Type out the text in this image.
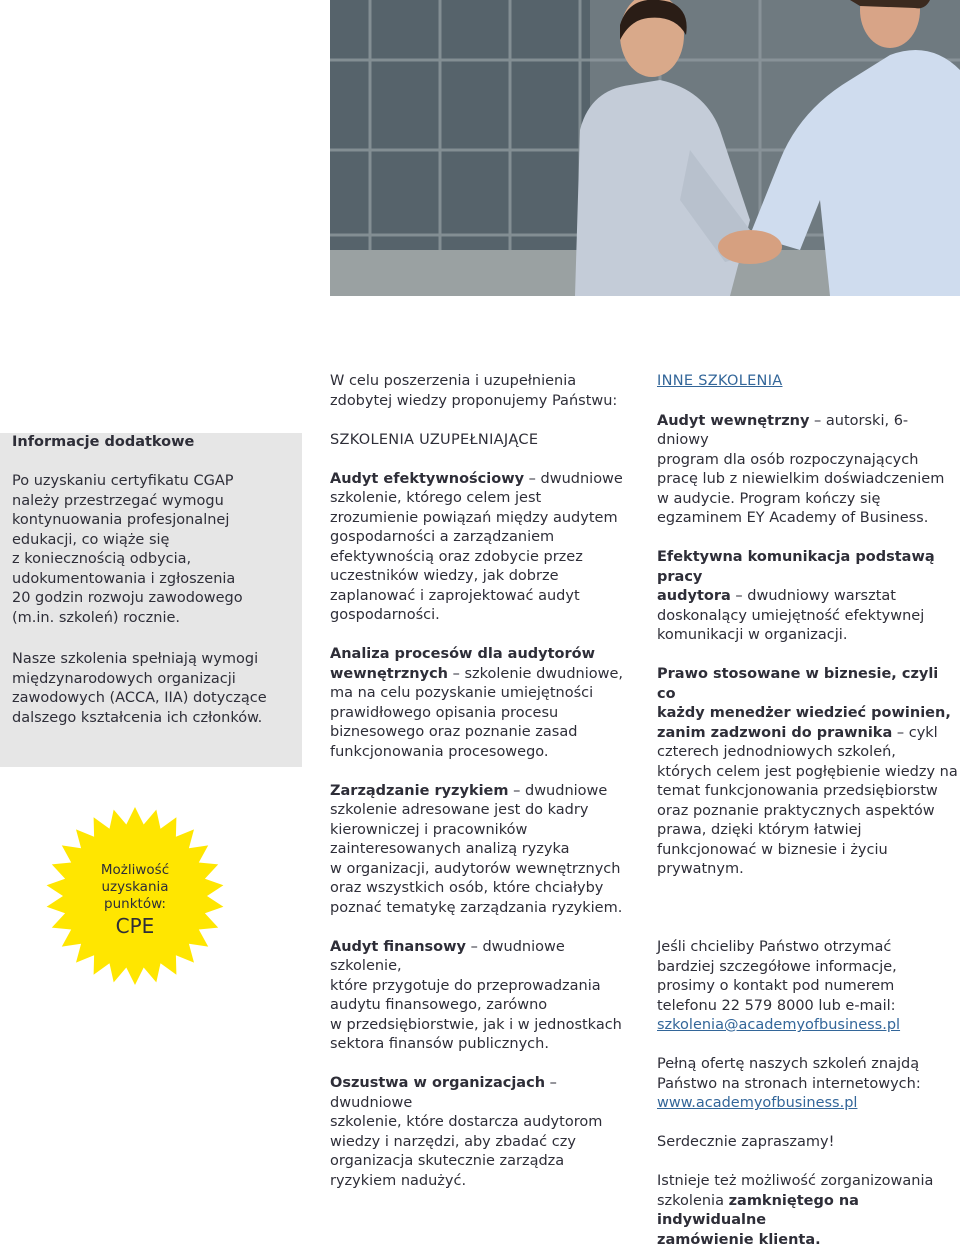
Informacje dodatkowe

Po uzyskaniu certyfikatu CGAP
należy przestrzegać wymogu
kontynuowania profesjonalnej
edukacji, co wiąże się
z koniecznością odbycia,
udokumentowania i zgłoszenia
20 godzin rozwoju zawodowego
(m.in. szkoleń) rocznie.

Nasze szkolenia spełniają wymogi
międzynarodowych organizacji
zawodowych (ACCA, IIA) dotyczące
dalszego kształcenia ich członków.

Możliwość
uzyskania
punktów:
CPE

W celu poszerzenia i uzupełnienia
zdobytej wiedzy proponujemy Państwu:

SZKOLENIA UZUPEŁNIAJĄCE

Audyt efektywnościowy – dwudniowe
szkolenie, którego celem jest
zrozumienie powiązań między audytem
gospodarności a zarządzaniem
efektywnością oraz zdobycie przez
uczestników wiedzy, jak dobrze
zaplanować i zaprojektować audyt
gospodarności.

Analiza procesów dla audytorów
wewnętrznych – szkolenie dwudniowe,
ma na celu pozyskanie umiejętności
prawidłowego opisania procesu
biznesowego oraz poznanie zasad
funkcjonowania procesowego.

Zarządzanie ryzykiem – dwudniowe
szkolenie adresowane jest do kadry
kierowniczej i pracowników
zainteresowanych analizą ryzyka
w organizacji, audytorów wewnętrznych
oraz wszystkich osób, które chciałyby
poznać tematykę zarządzania ryzykiem.

Audyt finansowy – dwudniowe szkolenie,
które przygotuje do przeprowadzania
audytu finansowego, zarówno
w przedsiębiorstwie, jak i w jednostkach
sektora finansów publicznych.

Oszustwa w organizacjach – dwudniowe
szkolenie, które dostarcza audytorom
wiedzy i narzędzi, aby zbadać czy
organizacja skutecznie zarządza
ryzykiem nadużyć.

INNE SZKOLENIA

Audyt wewnętrzny – autorski, 6-dniowy
program dla osób rozpoczynających
pracę lub z niewielkim doświadczeniem
w audycie. Program kończy się
egzaminem EY Academy of Business.

Efektywna komunikacja podstawą pracy
audytora – dwudniowy warsztat
doskonalący umiejętność efektywnej
komunikacji w organizacji.

Prawo stosowane w biznesie, czyli co
każdy menedżer wiedzieć powinien,
zanim zadzwoni do prawnika – cykl
czterech jednodniowych szkoleń,
których celem jest pogłębienie wiedzy na
temat funkcjonowania przedsiębiorstw
oraz poznanie praktycznych aspektów
prawa, dzięki którym łatwiej
funkcjonować w biznesie i życiu
prywatnym.

Jeśli chcieliby Państwo otrzymać
bardziej szczegółowe informacje,
prosimy o kontakt pod numerem
telefonu 22 579 8000 lub e-mail:
szkolenia@academyofbusiness.pl

Pełną ofertę naszych szkoleń znajdą
Państwo na stronach internetowych:
www.academyofbusiness.pl

Serdecznie zapraszamy!

Istnieje też możliwość zorganizowania
szkolenia zamkniętego na indywidualne
zamówienie klienta.
